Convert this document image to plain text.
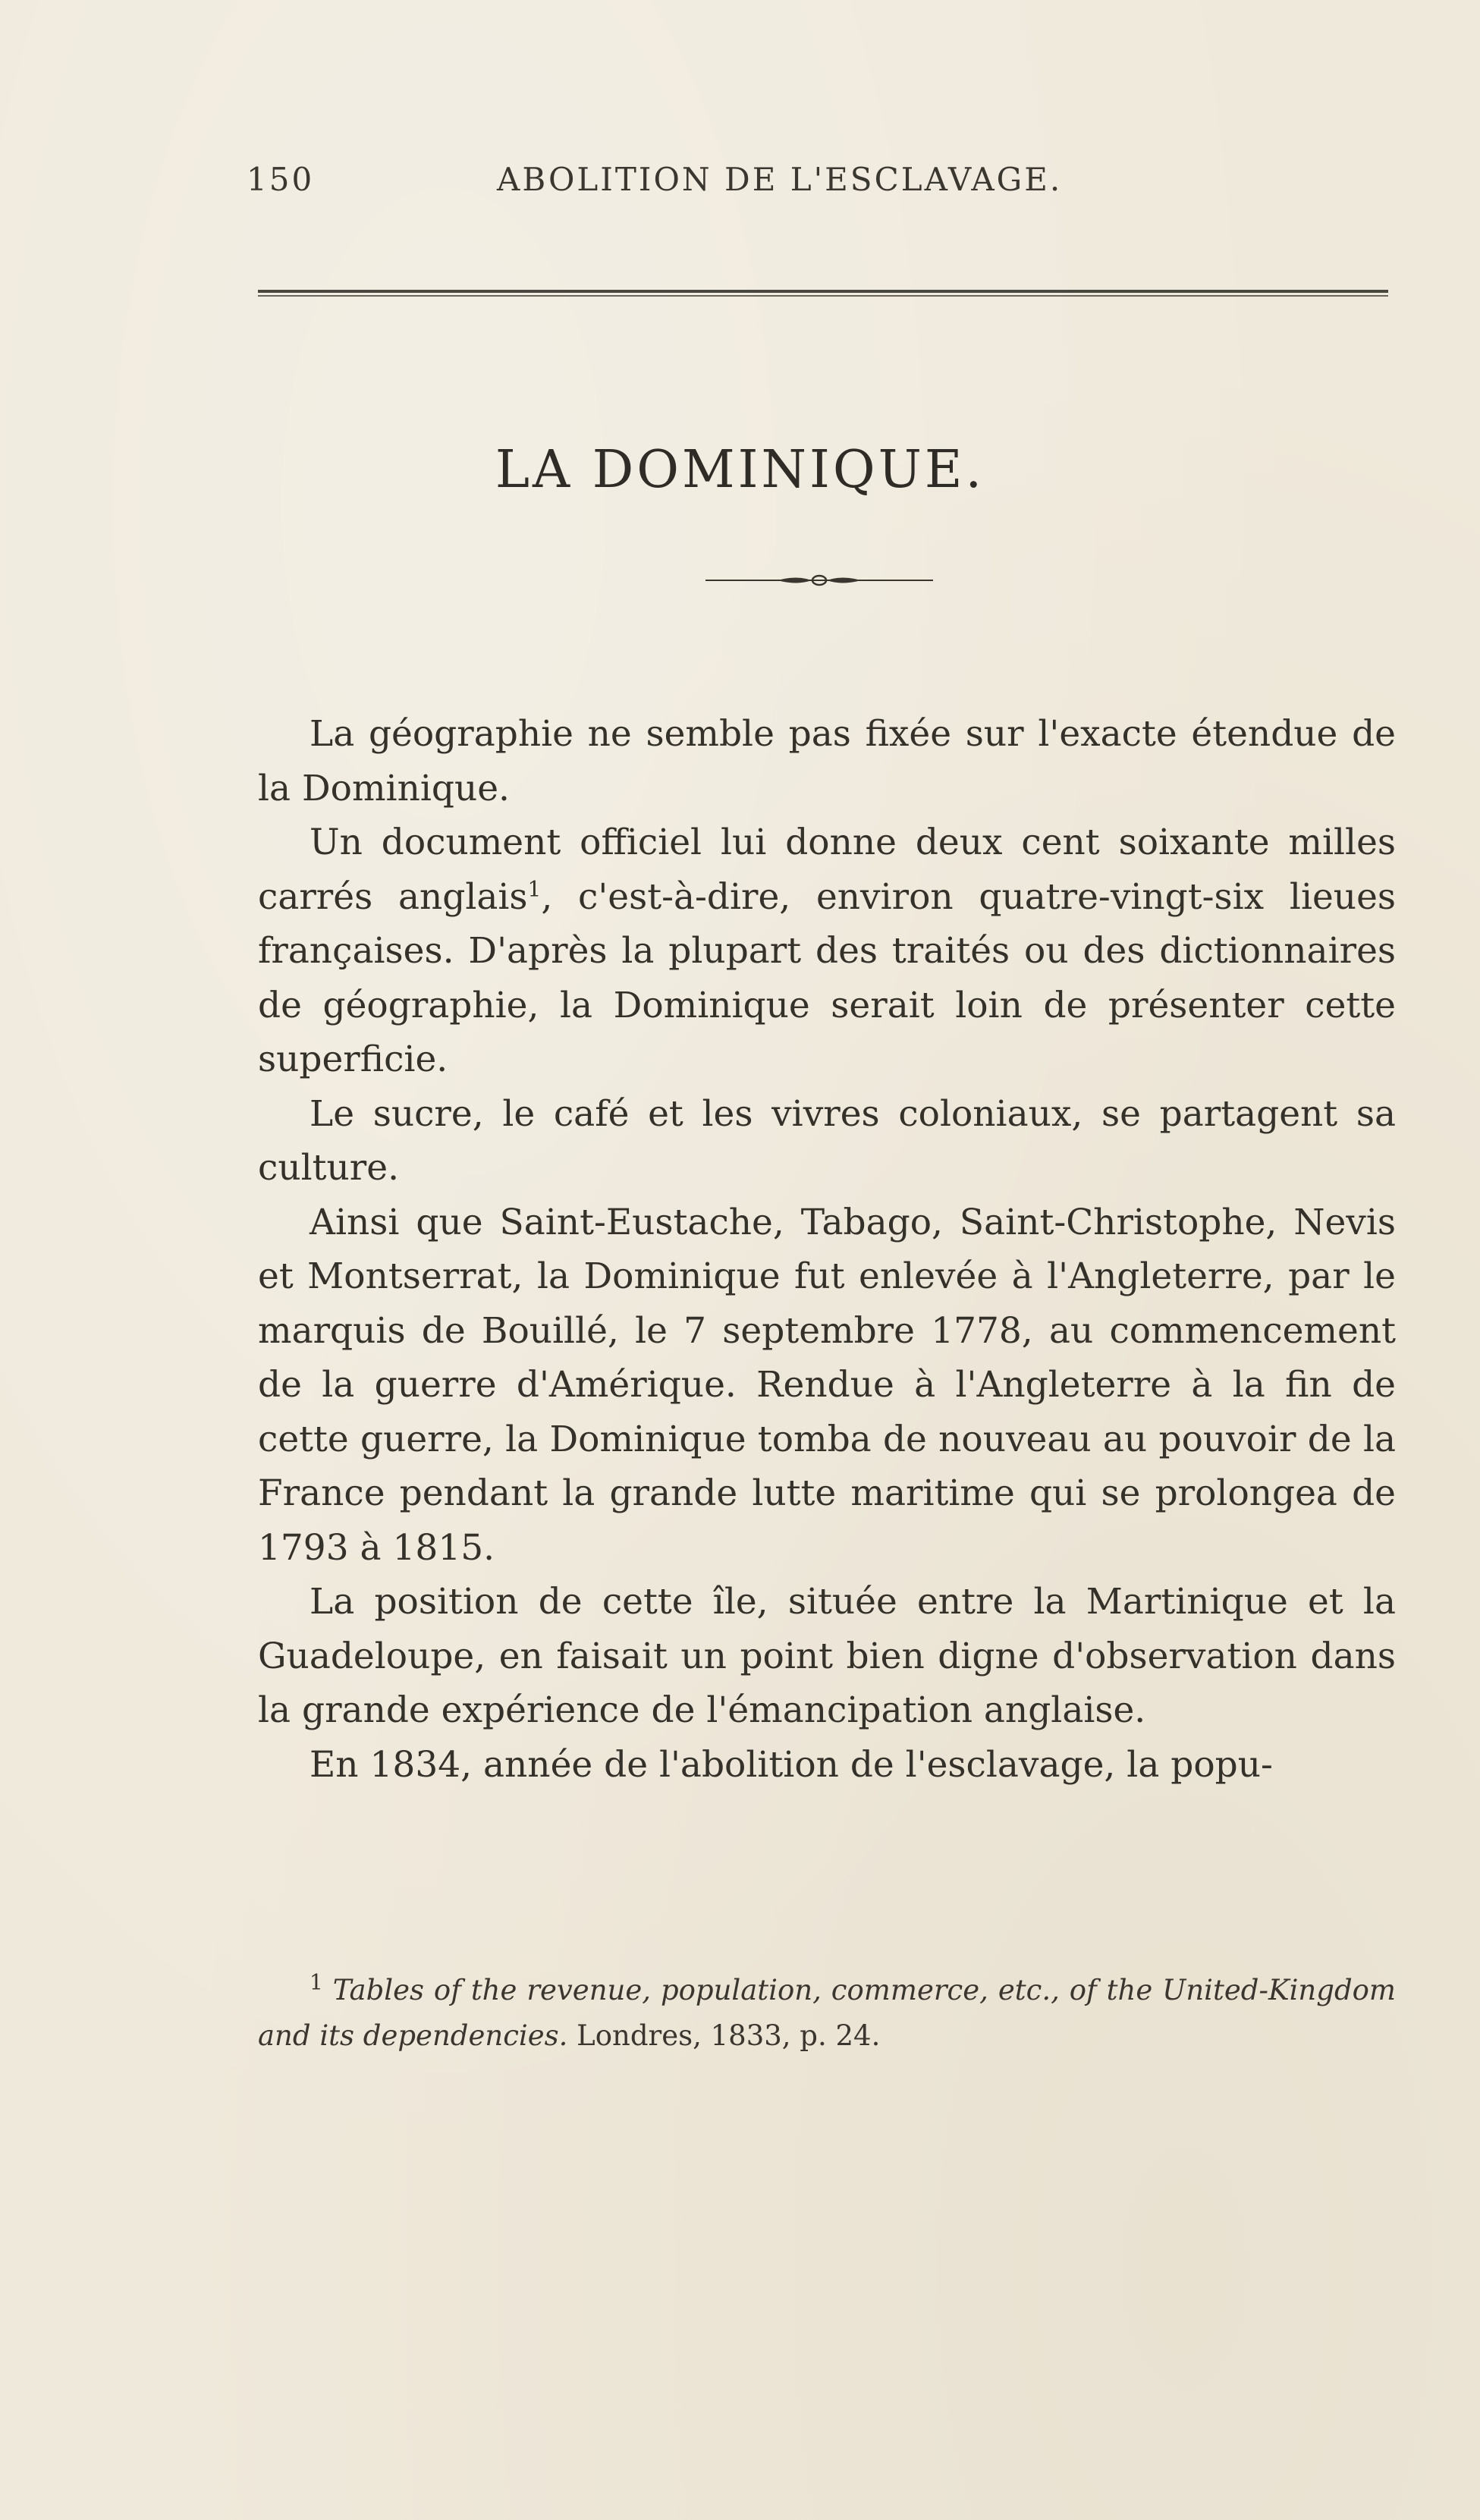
150	ABOLITION DE L'ESCLAVAGE.
LA DOMINIQUE.

La géographie ne semble pas fixée sur l'exacte étendue de la Dominique.

Un document officiel lui donne deux cent soixante milles carrés anglais$^1$, c'est-à-dire, environ quatre-vingt-six lieues françaises. D'après la plupart des traités ou des dictionnaires de géographie, la Dominique serait loin de présenter cette superficie.

Le sucre, le café et les vivres coloniaux, se partagent sa culture.

Ainsi que Saint-Eustache, Tabago, Saint-Christophe, Nevis et Montserrat, la Dominique fut enlevée à l'Angleterre, par le marquis de Bouillé, le 7 septembre 1778, au commencement de la guerre d'Amérique. Rendue à l'Angleterre à la fin de cette guerre, la Dominique tomba de nouveau au pouvoir de la France pendant la grande lutte maritime qui se prolongea de 1793 à 1815.

La position de cette île, située entre la Martinique et la Guadeloupe, en faisait un point bien digne d'observation dans la grande expérience de l'émancipation anglaise.

En 1834, année de l'abolition de l'esclavage, la popu-

$^1$ Tables of the revenue, population, commerce, etc., of the United-Kingdom and its dependencies. Londres, 1833, p. 24.
